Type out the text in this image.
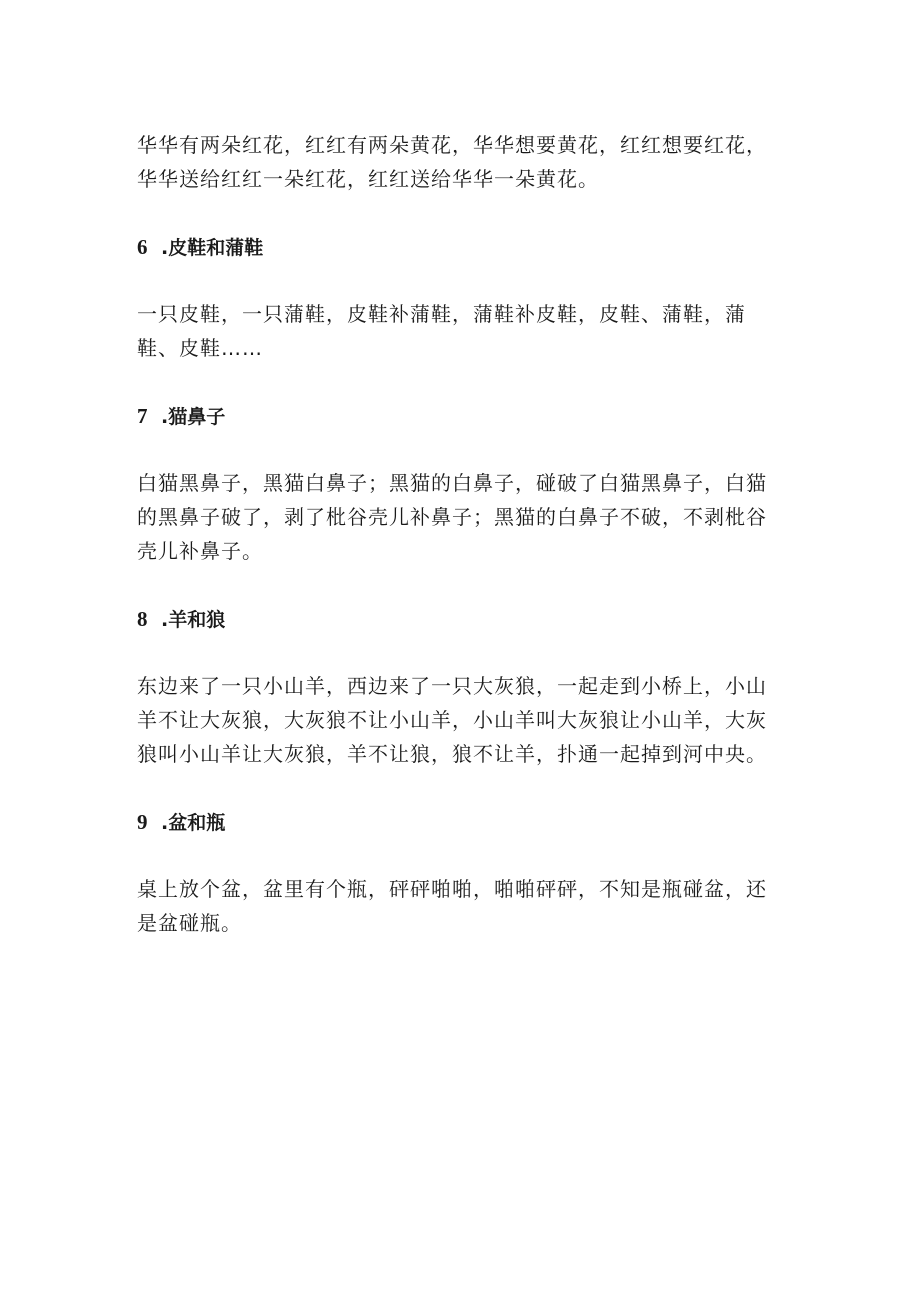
华华有两朵红花，红红有两朵黄花，华华想要黄花，红红想要红花，华华送给红红一朵红花，红红送给华华一朵黄花。

6 .皮鞋和蒲鞋

一只皮鞋，一只蒲鞋，皮鞋补蒲鞋，蒲鞋补皮鞋，皮鞋、蒲鞋，蒲鞋、皮鞋……

7 .猫鼻子

白猫黑鼻子，黑猫白鼻子；黑猫的白鼻子，碰破了白猫黑鼻子，白猫的黑鼻子破了，剥了枇谷壳儿补鼻子；黑猫的白鼻子不破，不剥枇谷壳儿补鼻子。

8 .羊和狼

东边来了一只小山羊，西边来了一只大灰狼，一起走到小桥上，小山羊不让大灰狼，大灰狼不让小山羊，小山羊叫大灰狼让小山羊，大灰狼叫小山羊让大灰狼，羊不让狼，狼不让羊，扑通一起掉到河中央。

9 .盆和瓶

桌上放个盆，盆里有个瓶，砰砰啪啪，啪啪砰砰，不知是瓶碰盆，还是盆碰瓶。
